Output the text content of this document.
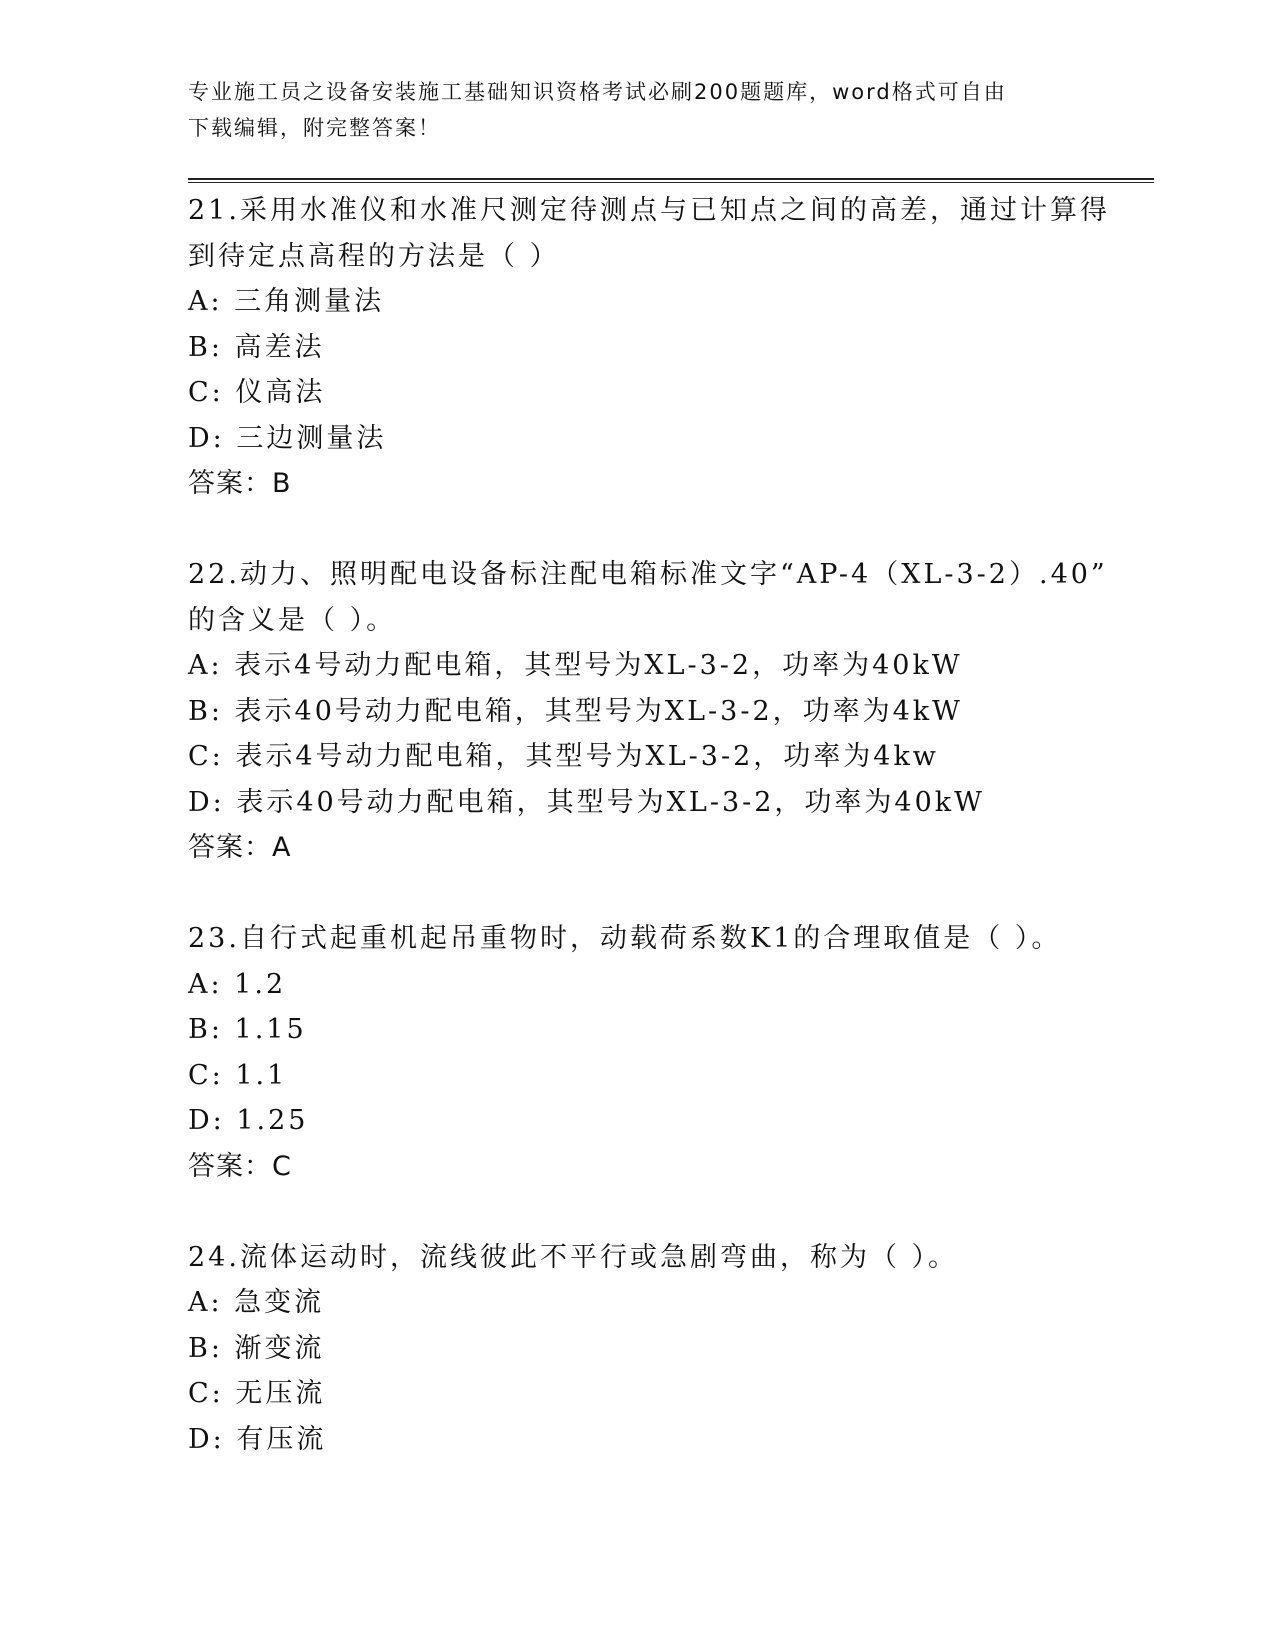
专业施工员之设备安装施工基础知识资格考试必刷200题题库，word格式可自由
下载编辑，附完整答案！
21.采用水准仪和水准尺测定待测点与已知点之间的高差，通过计算得
到待定点高程的方法是（ ）
A: 三角测量法
B: 高差法
C: 仪高法
D: 三边测量法
答案：B
22.动力、照明配电设备标注配电箱标准文字“AP-4（XL-3-2）.40”
的含义是（ ）。
A: 表示4号动力配电箱，其型号为XL-3-2，功率为40kW
B: 表示40号动力配电箱，其型号为XL-3-2，功率为4kW
C: 表示4号动力配电箱，其型号为XL-3-2，功率为4kw
D: 表示40号动力配电箱，其型号为XL-3-2，功率为40kW
答案：A
23.自行式起重机起吊重物时，动载荷系数K1的合理取值是（ ）。
A: 1.2
B: 1.15
C: 1.1
D: 1.25
答案：C
24.流体运动时，流线彼此不平行或急剧弯曲，称为（ ）。
A: 急变流
B: 渐变流
C: 无压流
D: 有压流
